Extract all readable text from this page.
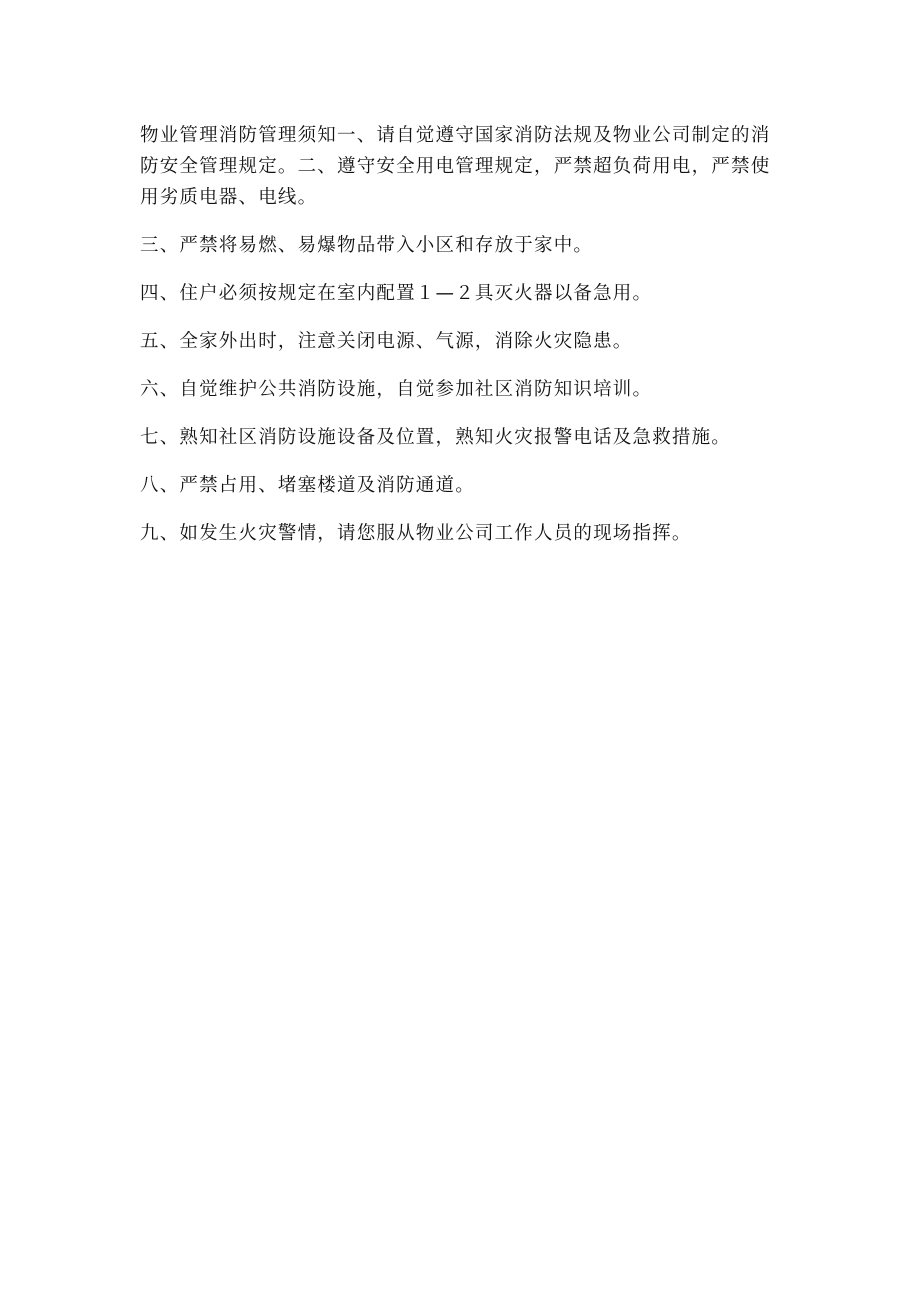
物业管理消防管理须知一、请自觉遵守国家消防法规及物业公司制定的消防安全管理规定。二、遵守安全用电管理规定，严禁超负荷用电，严禁使用劣质电器、电线。

三、严禁将易燃、易爆物品带入小区和存放于家中。

四、住户必须按规定在室内配置１—２具灭火器以备急用。

五、全家外出时，注意关闭电源、气源，消除火灾隐患。

六、自觉维护公共消防设施，自觉参加社区消防知识培训。

七、熟知社区消防设施设备及位置，熟知火灾报警电话及急救措施。

八、严禁占用、堵塞楼道及消防通道。

九、如发生火灾警情，请您服从物业公司工作人员的现场指挥。
